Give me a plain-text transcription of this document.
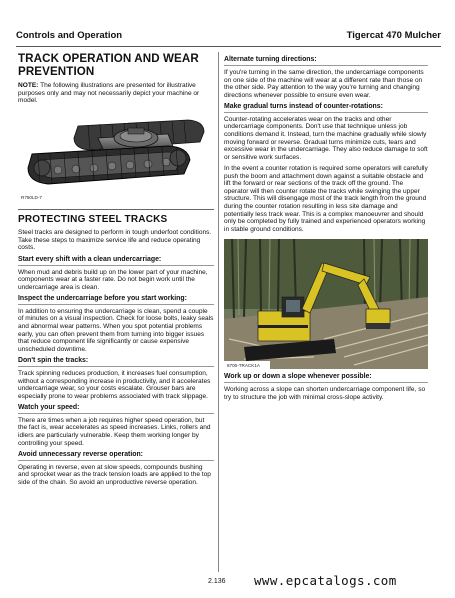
Controls and Operation	Tigercat 470 Mulcher
TRACK OPERATION AND WEAR
PREVENTION

NOTE: The following illustrations are presented for illustrative purposes only and may not necessarily depict your machine or model.

R750LD-7
PROTECTING STEEL TRACKS

Steel tracks are designed to perform in tough underfoot conditions. Take these steps to maximize service life and reduce operating costs.

Start every shift with a clean undercarriage:

When mud and debris build up on the lower part of your machine, components wear at a faster rate. Do not begin work until the undercarriage area is clean.

Inspect the undercarriage before you start working:

In addition to ensuring the undercarriage is clean, spend a couple of minutes on a visual inspection. Check for loose bolts, leaky seals and abnormal wear patterns. When you spot potential problems early, you can often prevent them from turning into bigger issues that reduce component life significantly or cause expensive unscheduled downtime.

Don't spin the tracks:

Track spinning reduces production, it increases fuel consumption, without a corresponding increase in productivity, and it accelerates undercarriage wear, so your costs escalate. Grouser bars are especially prone to wear problems associated with track slippage.

Watch your speed:

There are times when a job requires higher speed operation, but the fact is, wear accelerates as speed increases. Links, rollers and idlers are particularly vulnerable. Keep them working longer by controlling your speed.

Avoid unnecessary reverse operation:

Operating in reverse, even at slow speeds, compounds bushing and sprocket wear as the track tension loads are applied to the top side of the chain. So avoid an unproductive reverse operation.

Alternate turning directions:

If you're turning in the same direction, the undercarriage components on one side of the machine will wear at a different rate than those on the other side. Pay attention to the way you're turning and changing directions whenever possible to ensure even wear.

Make gradual turns instead of counter-rotations:

Counter-rotating accelerates wear on the tracks and other undercarriage components. Don't use that technique unless job conditions demand it. Instead, turn the machine gradually while slowly moving forward or reverse. Gradual turns minimize cuts, tears and excessive wear in the undercarriage. They also reduce damage to soft or sensitive work surfaces.

In the event a counter rotation is required some operators will carefully push the boom and attachment down against a suitable obstacle and lift the forward or rear sections of the track off the ground. The operator will then counter rotate the tracks while swinging the upper structure. This will disengage most of the track length from the ground during the counter rotation resulting in less site damage and potentially less track wear. This is a complex manoeuvrer and should only be completed by fully trained and experienced operators working in stable ground conditions.

8700-TRACK1A
Work up or down a slope whenever possible:

Working across a slope can shorten undercarriage component life, so try to structure the job with minimal cross-slope activity.

2.136 www.epcatalogs.com
